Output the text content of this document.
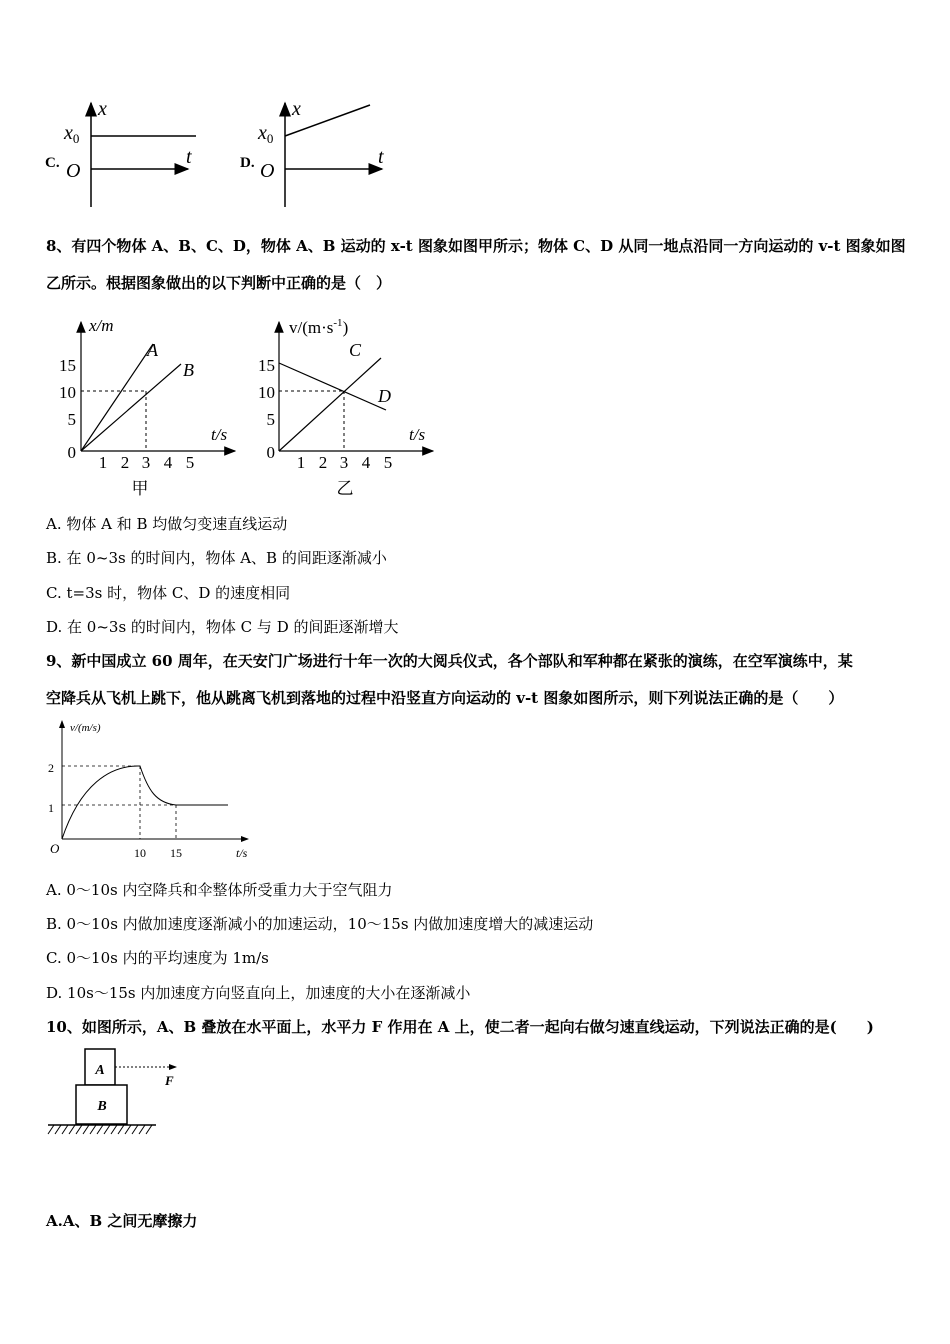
C.
x
t
$x_0$
O	D.
x
t
$x_0$
O
8、有四个物体 A、B、C、D，物体 A、B 运动的 x-t 图象如图甲所示；物体 C、D 从同一地点沿同一方向运动的 v-t 图象如图
乙所示。根据图象做出的以下判断中正确的是（　）
x/m
t/s
15
10
5
0
1 2 3 4 5
A
B
甲
$v/(m\cdot s^{-1})$
t/s
15
10
5
0
1 2 3 4 5
C
D
乙
A. 物体 A 和 B 均做匀变速直线运动
B. 在 0~3s 的时间内，物体 A、B 的间距逐渐减小
C. t=3s 时，物体 C、D 的速度相同
D. 在 0~3s 的时间内，物体 C 与 D 的间距逐渐增大
9、新中国成立 60 周年，在天安门广场进行十年一次的大阅兵仪式，各个部队和军种都在紧张的演练，在空军演练中，某
空降兵从飞机上跳下，他从跳离飞机到落地的过程中沿竖直方向运动的 v-t 图象如图所示，则下列说法正确的是（　　）
v/(m/s)
t/s
O
2
1
10 15
A. 0～10s 内空降兵和伞整体所受重力大于空气阻力
B. 0～10s 内做加速度逐渐减小的加速运动，10～15s 内做加速度增大的减速运动
C. 0～10s 内的平均速度为 1m/s
D. 10s～15s 内加速度方向竖直向上，加速度的大小在逐渐减小
10、如图所示，A、B 叠放在水平面上，水平力 F 作用在 A 上，使二者一起向右做匀速直线运动，下列说法正确的是(　　)
A
B
F
A.A、B 之间无摩擦力
